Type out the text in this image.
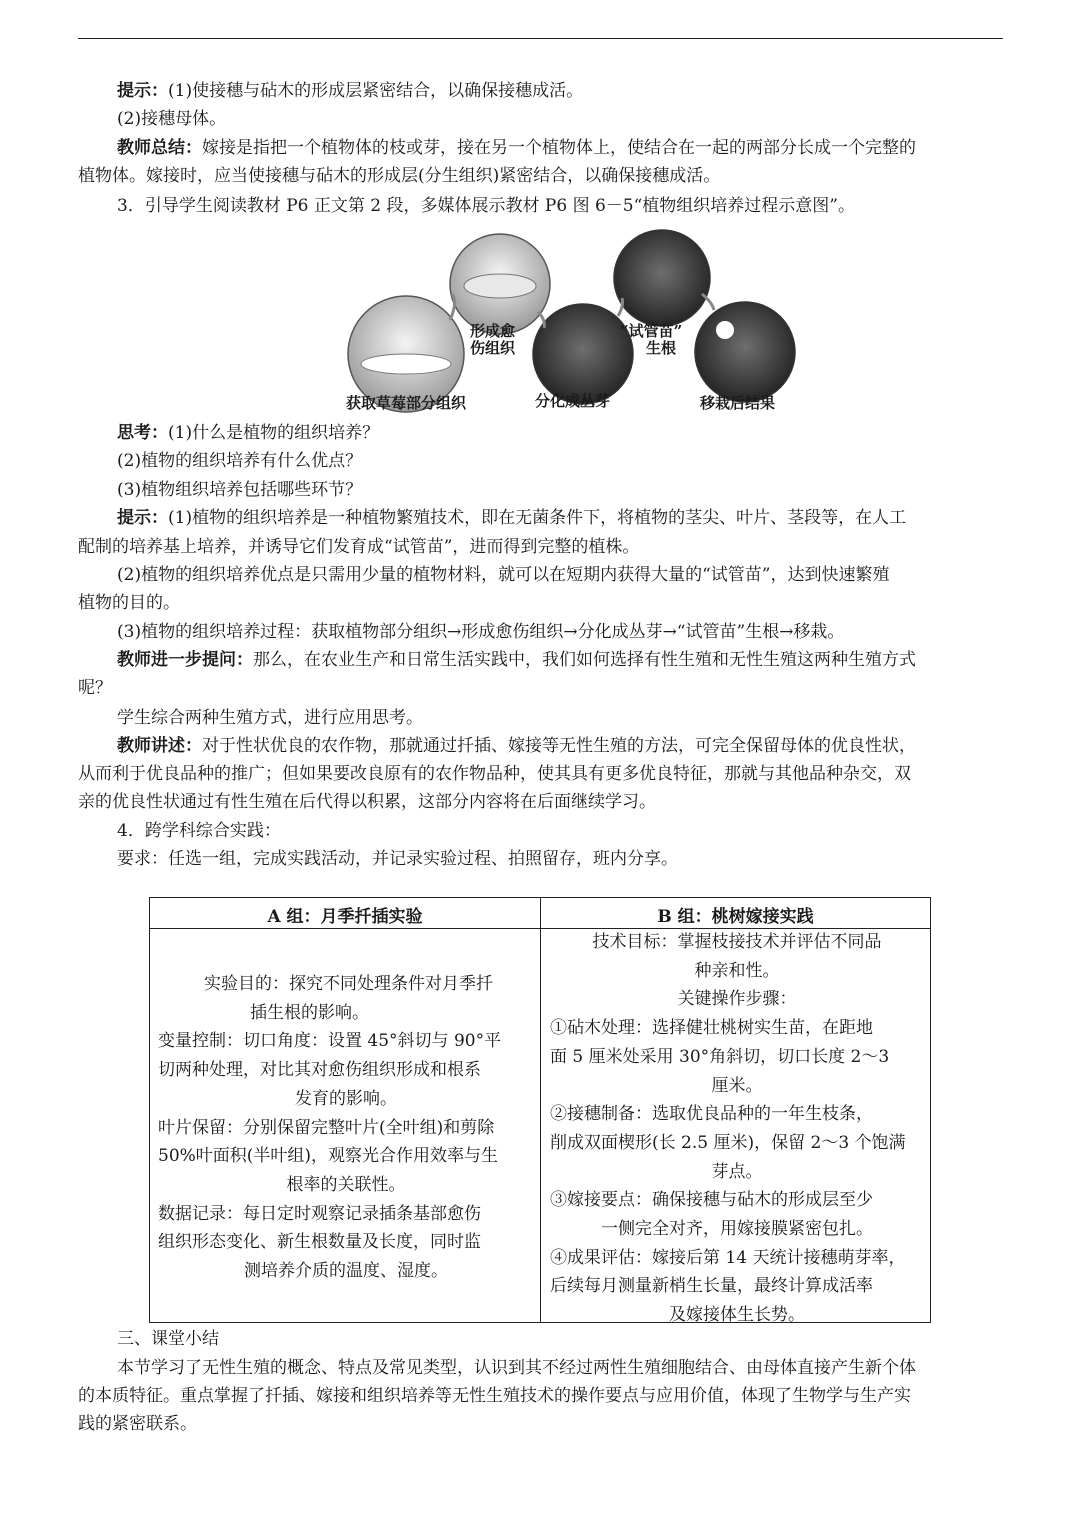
提示：(1)使接穗与砧木的形成层紧密结合，以确保接穗成活。
(2)接穗母体。
教师总结：嫁接是指把一个植物体的枝或芽，接在另一个植物体上，使结合在一起的两部分长成一个完整的
植物体。嫁接时，应当使接穗与砧木的形成层(分生组织)紧密结合，以确保接穗成活。
3．引导学生阅读教材 P6 正文第 2 段，多媒体展示教材 P6 图 6－5“植物组织培养过程示意图”。
形成愈
伤组织
“试管苗”
生根
获取草莓部分组织	分化成丛芽	移栽后结果
思考：(1)什么是植物的组织培养？
(2)植物的组织培养有什么优点？
(3)植物组织培养包括哪些环节？
提示：(1)植物的组织培养是一种植物繁殖技术，即在无菌条件下，将植物的茎尖、叶片、茎段等，在人工
配制的培养基上培养，并诱导它们发育成“试管苗”，进而得到完整的植株。
(2)植物的组织培养优点是只需用少量的植物材料，就可以在短期内获得大量的“试管苗”，达到快速繁殖
植物的目的。
(3)植物的组织培养过程：获取植物部分组织→形成愈伤组织→分化成丛芽→“试管苗”生根→移栽。
教师进一步提问：那么，在农业生产和日常生活实践中，我们如何选择有性生殖和无性生殖这两种生殖方式
呢？
学生综合两种生殖方式，进行应用思考。
教师讲述：对于性状优良的农作物，那就通过扦插、嫁接等无性生殖的方法，可完全保留母体的优良性状，
从而利于优良品种的推广；但如果要改良原有的农作物品种，使其具有更多优良特征，那就与其他品种杂交，双
亲的优良性状通过有性生殖在后代得以积累，这部分内容将在后面继续学习。
4．跨学科综合实践：
要求：任选一组，完成实践活动，并记录实验过程、拍照留存，班内分享。
A 组：月季扦插实验	B 组：桃树嫁接实践
实验目的：探究不同处理条件对月季扦
插生根的影响。
变量控制：切口角度：设置 45°斜切与 90°平
切两种处理，对比其对愈伤组织形成和根系
发育的影响。
叶片保留：分别保留完整叶片(全叶组)和剪除
50%叶面积(半叶组)，观察光合作用效率与生
根率的关联性。
数据记录：每日定时观察记录插条基部愈伤
组织形态变化、新生根数量及长度，同时监
测培养介质的温度、湿度。
技术目标：掌握枝接技术并评估不同品
种亲和性。
关键操作步骤：
①砧木处理：选择健壮桃树实生苗，在距地
面 5 厘米处采用 30°角斜切，切口长度 2～3
厘米。
②接穗制备：选取优良品种的一年生枝条，
削成双面楔形(长 2.5 厘米)，保留 2～3 个饱满
芽点。
③嫁接要点：确保接穗与砧木的形成层至少
一侧完全对齐，用嫁接膜紧密包扎。
④成果评估：嫁接后第 14 天统计接穗萌芽率，
后续每月测量新梢生长量，最终计算成活率
及嫁接体生长势。
三、课堂小结
本节学习了无性生殖的概念、特点及常见类型，认识到其不经过两性生殖细胞结合、由母体直接产生新个体
的本质特征。重点掌握了扦插、嫁接和组织培养等无性生殖技术的操作要点与应用价值，体现了生物学与生产实
践的紧密联系。
